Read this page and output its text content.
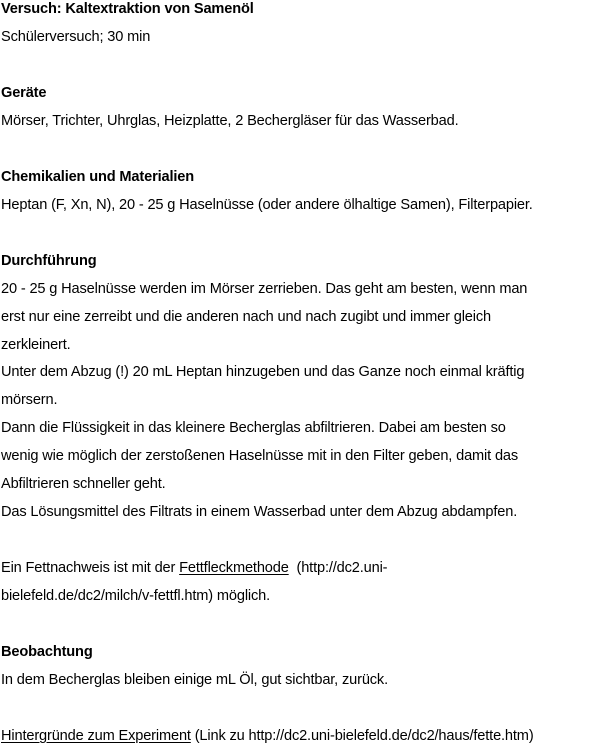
Versuch: Kaltextraktion von Samenöl
Schülerversuch; 30 min
Geräte
Mörser, Trichter, Uhrglas, Heizplatte, 2 Bechergläser für das Wasserbad.
Chemikalien und Materialien
Heptan (F, Xn, N), 20 - 25 g Haselnüsse (oder andere ölhaltige Samen), Filterpapier.
Durchführung
20 - 25 g Haselnüsse werden im Mörser zerrieben. Das geht am besten, wenn man
erst nur eine zerreibt und die anderen nach und nach zugibt und immer gleich
zerkleinert.
Unter dem Abzug (!) 20 mL Heptan hinzugeben und das Ganze noch einmal kräftig
mörsern.
Dann die Flüssigkeit in das kleinere Becherglas abfiltrieren. Dabei am besten so
wenig wie möglich der zerstoßenen Haselnüsse mit in den Filter geben, damit das
Abfiltrieren schneller geht.
Das Lösungsmittel des Filtrats in einem Wasserbad unter dem Abzug abdampfen.
Ein Fettnachweis ist mit der Fettfleckmethode  (http://dc2.uni-
bielefeld.de/dc2/milch/v-fettfl.htm) möglich.
Beobachtung
In dem Becherglas bleiben einige mL Öl, gut sichtbar, zurück.
Hintergründe zum Experiment (Link zu http://dc2.uni-bielefeld.de/dc2/haus/fette.htm)
